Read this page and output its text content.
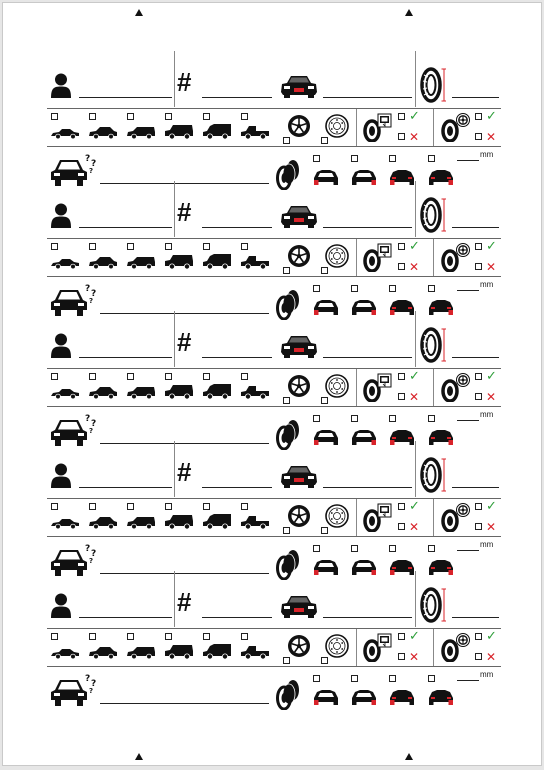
#
✓
✕
✓
✕
? ?
?
mm
#
✓
✕
✓
✕
? ?
?
mm
#
✓
✕
✓
✕
? ?
?
mm
#
✓
✕
✓
✕
? ?
?
mm
#
✓
✕
✓
✕
? ?
?
mm
